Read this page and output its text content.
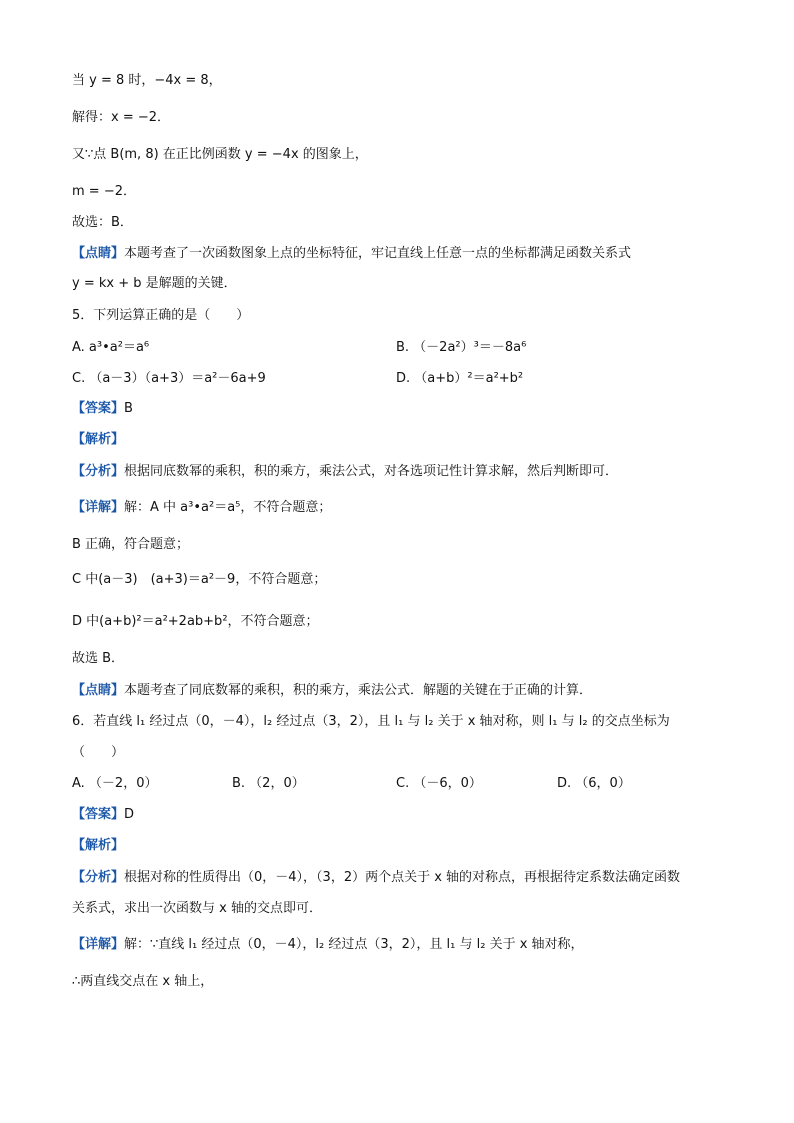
当 y = 8 时，−4x = 8，
解得：x = −2．
又∵点 B(m, 8) 在正比例函数 y = −4x 的图象上，
m = −2．
故选：B．
【点睛】本题考查了一次函数图象上点的坐标特征，牢记直线上任意一点的坐标都满足函数关系式
y = kx + b 是解题的关键．
5．下列运算正确的是（　　）
A. a³•a²＝a⁶	B. （－2a²）³＝－8a⁶
C. （a－3）（a+3）＝a²－6a+9	D. （a+b）²＝a²+b²
【答案】B
【解析】
【分析】根据同底数幂的乘积，积的乘方，乘法公式，对各选项记性计算求解，然后判断即可．
【详解】解：A 中 a³•a²＝a⁵，不符合题意；
B 正确，符合题意；
C 中(a－3)　(a+3)＝a²－9，不符合题意；
D 中(a+b)²＝a²+2ab+b²，不符合题意；
故选 B．
【点睛】本题考查了同底数幂的乘积，积的乘方，乘法公式．解题的关键在于正确的计算．
6．若直线 l₁ 经过点（0，－4），l₂ 经过点（3，2），且 l₁ 与 l₂ 关于 x 轴对称，则 l₁ 与 l₂ 的交点坐标为
（　　）
A. （－2，0）	B. （2，0）	C. （－6，0）	D. （6，0）
【答案】D
【解析】
【分析】根据对称的性质得出（0，－4），（3，2）两个点关于 x 轴的对称点，再根据待定系数法确定函数
关系式，求出一次函数与 x 轴的交点即可．
【详解】解：∵直线 l₁ 经过点（0，－4），l₂ 经过点（3，2），且 l₁ 与 l₂ 关于 x 轴对称，
∴两直线交点在 x 轴上，
